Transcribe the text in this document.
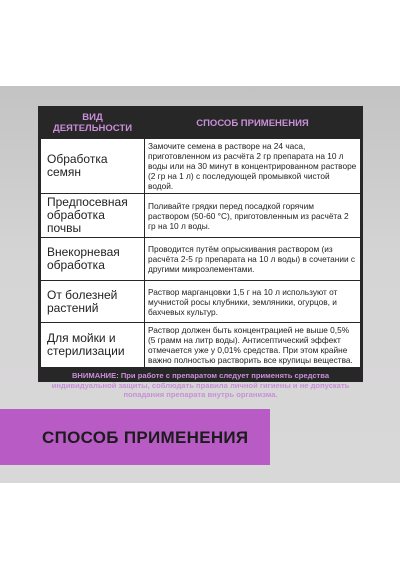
ВИД ДЕЯТЕЛЬНОСТИ	СПОСОБ ПРИМЕНЕНИЯ
Обработка семян	Замочите семена в растворе на 24 часа, приготовленном из расчёта 2 гр препарата на 10 л воды или на 30 минут в концентрированном растворе (2 гр на 1 л) с последующей промывкой чистой водой.
Предпосевная обработка почвы	Поливайте грядки перед посадкой горячим раствором (50-60 °С), приготовленным из расчёта 2 гр на 10 л воды.
Внекорневая обработка	Проводится путём опрыскивания раствором (из расчёта 2-5 гр препарата на 10 л воды) в сочетании с другими микроэлементами.
От болезней растений	Раствор марганцовки 1,5 г на 10 л используют от мучнистой росы клубники, земляники, огурцов, и бахчевых культур.
Для мойки и стерилизации	Раствор должен быть концентрацией не выше 0,5% (5 грамм на литр воды). Антисептический эффект отмечается уже у 0,01% средства. При этом крайне важно полностью растворить все крупицы вещества.
ВНИМАНИЕ: При работе с препаратом следует применять средства индивидуальной защиты, соблюдать правила личной гигиены и не допускать попадания препарата внутрь организма.
СПОСОБ ПРИМЕНЕНИЯ
